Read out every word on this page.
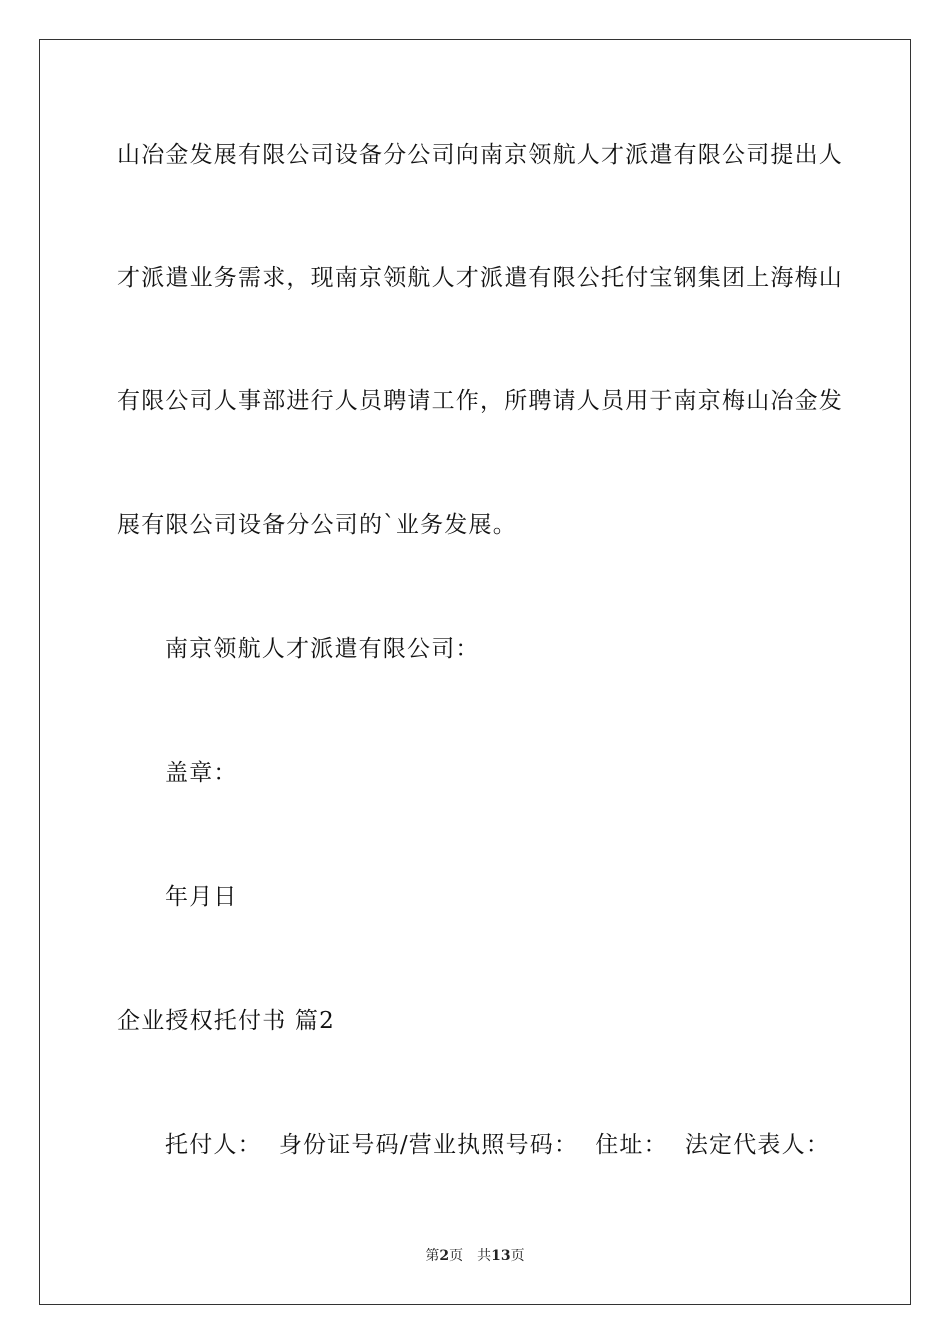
山冶金发展有限公司设备分公司向南京领航人才派遣有限公司提出人
才派遣业务需求，现南京领航人才派遣有限公托付宝钢集团上海梅山
有限公司人事部进行人员聘请工作，所聘请人员用于南京梅山冶金发
展有限公司设备分公司的`业务发展。
南京领航人才派遣有限公司：
盖章：
年月日
企业授权托付书 篇2
托付人：  身份证号码/营业执照号码：  住址：  法定代表人：
第2页 共13页
